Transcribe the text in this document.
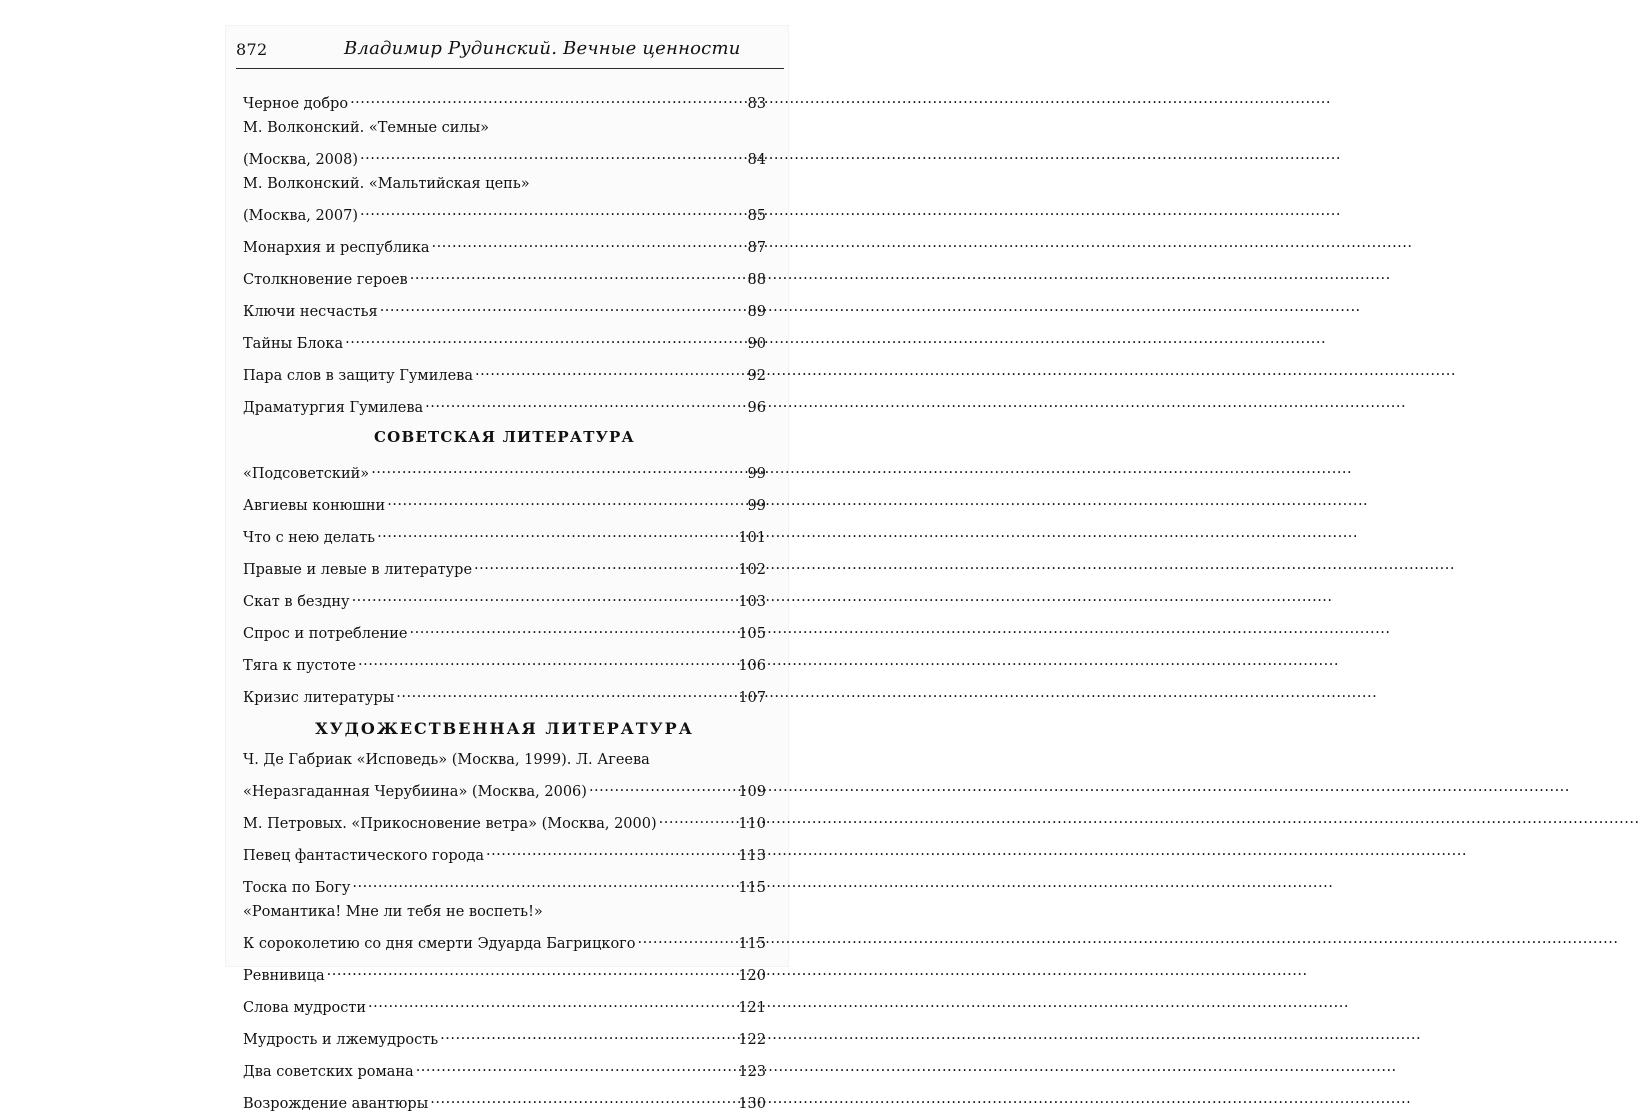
872	Владимир Рудинский. Вечные ценности
Черное добро .....	83
М. Волконский. «Темные силы»
(Москва, 2008) .....	84
М. Волконский. «Мальтийская цепь»
(Москва, 2007) .....	85
Монархия и республика .....	87
Столкновение героев .....	88
Ключи несчастья .....	89
Тайны Блока .....	90
Пара слов в защиту Гумилева .....	92
Драматургия Гумилева .....	96
СОВЕТСКАЯ ЛИТЕРАТУРА
«Подсоветский» .....	99
Авгиевы конюшни .....	99
Что с нею делать .....	101
Правые и левые в литературе .....	102
Скат в бездну .....	103
Спрос и потребление .....	105
Тяга к пустоте .....	106
Кризис литературы .....	107
ХУДОЖЕСТВЕННАЯ ЛИТЕРАТУРА
Ч. Де Габриак «Исповедь» (Москва, 1999). Л. Агеева
«Неразгаданная Черубиина» (Москва, 2006) .....	109
М. Петровых. «Прикосновение ветра» (Москва, 2000) .....	110
Певец фантастического города .....	113
Тоска по Богу .....	115
«Романтика! Мне ли тебя не воспеть!»
К сороколетию со дня смерти Эдуарда Багрицкого .....	115
Ревнивица .....	120
Слова мудрости .....	121
Мудрость и лжемудрость .....	122
Два советских романа .....	123
Возрождение авантюры .....	130
